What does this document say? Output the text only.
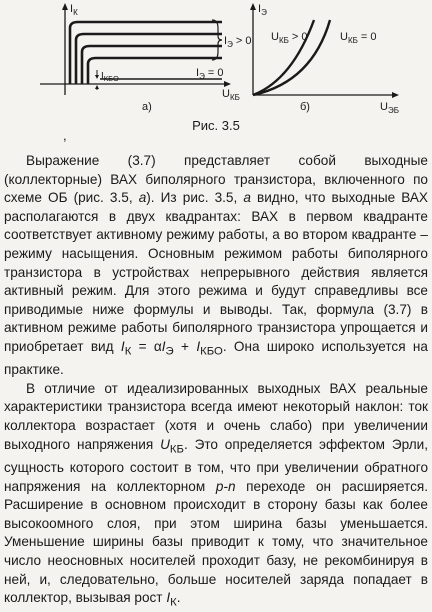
$I_К$
$U_{КБ}$
$I_Э > 0$
$I_Э = 0$
$I_{КБО}$
а)
$I_Э$
$U_{ЭБ}$
$U_{КБ} > 0$	$U_{КБ} = 0$
б)
,
Рис. 3.5

Выражение (3.7) представляет собой выходные (коллекторные) ВАХ биполярного транзистора, включенного по схеме ОБ (рис. 3.5, а). Из рис. 3.5, а видно, что выходные ВАХ располагаются в двух квадрантах: ВАХ в первом квадранте соответствует активному режиму работы, а во втором квадранте – режиму насыщения. Основным режимом работы биполярного транзистора в устройствах непрерывного действия является активный режим. Для этого режима и будут справедливы все приводимые ниже формулы и выводы. Так, формула (3.7) в активном режиме работы биполярного транзистора упрощается и приобретает вид $I_К = \alpha I_Э + I_{КБО}$. Она широко используется на практике.

В отличие от идеализированных выходных ВАХ реальные характеристики транзистора всегда имеют некоторый наклон: ток коллектора возрастает (хотя и очень слабо) при увеличении выходного напряжения $U_{КБ}$. Это определяется эффектом Эрли, сущность которого состоит в том, что при увеличении обратного напряжения на коллекторном p-n переходе он расширяется. Расширение в основном происходит в сторону базы как более высокоомного слоя, при этом ширина базы уменьшается. Уменьшение ширины базы приводит к тому, что значительное число неосновных носителей проходит базу, не рекомбинируя в ней, и, следовательно, больше носителей заряда попадает в коллектор, вызывая рост $I_К$.
